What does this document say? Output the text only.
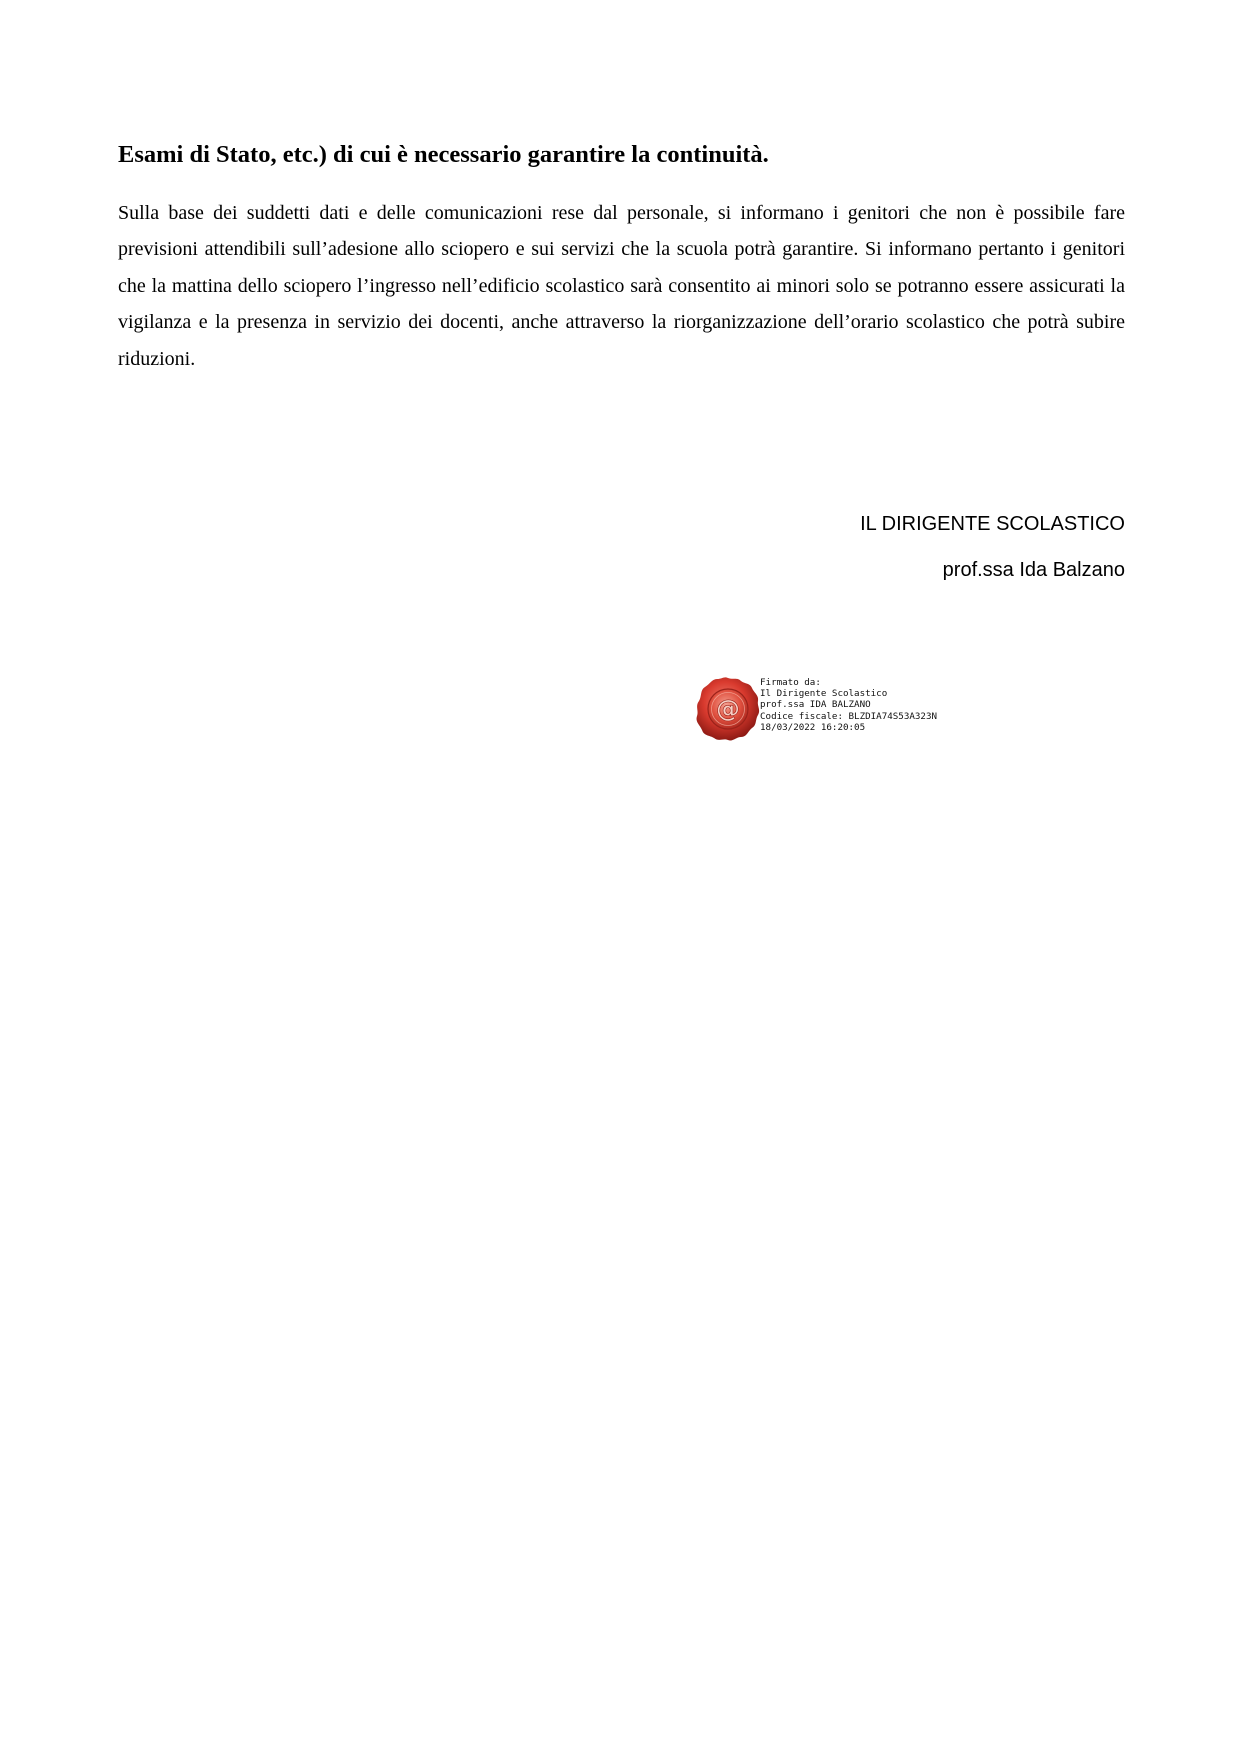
Esami di Stato, etc.) di cui è necessario garantire la continuità.

Sulla base dei suddetti dati e delle comunicazioni rese dal personale, si informano i genitori che non è possibile fare previsioni attendibili sull’adesione allo sciopero e sui servizi che la scuola potrà garantire. Si informano pertanto i genitori che la mattina dello sciopero l’ingresso nell’edificio scolastico sarà consentito ai minori solo se potranno essere assicurati la vigilanza e la presenza in servizio dei docenti, anche attraverso la riorganizzazione dell’orario scolastico che potrà subire riduzioni.

IL DIRIGENTE SCOLASTICO
prof.ssa Ida Balzano
@
Firmato da:
Il Dirigente Scolastico
prof.ssa IDA BALZANO
Codice fiscale: BLZDIA74S53A323N
18/03/2022 16:20:05
